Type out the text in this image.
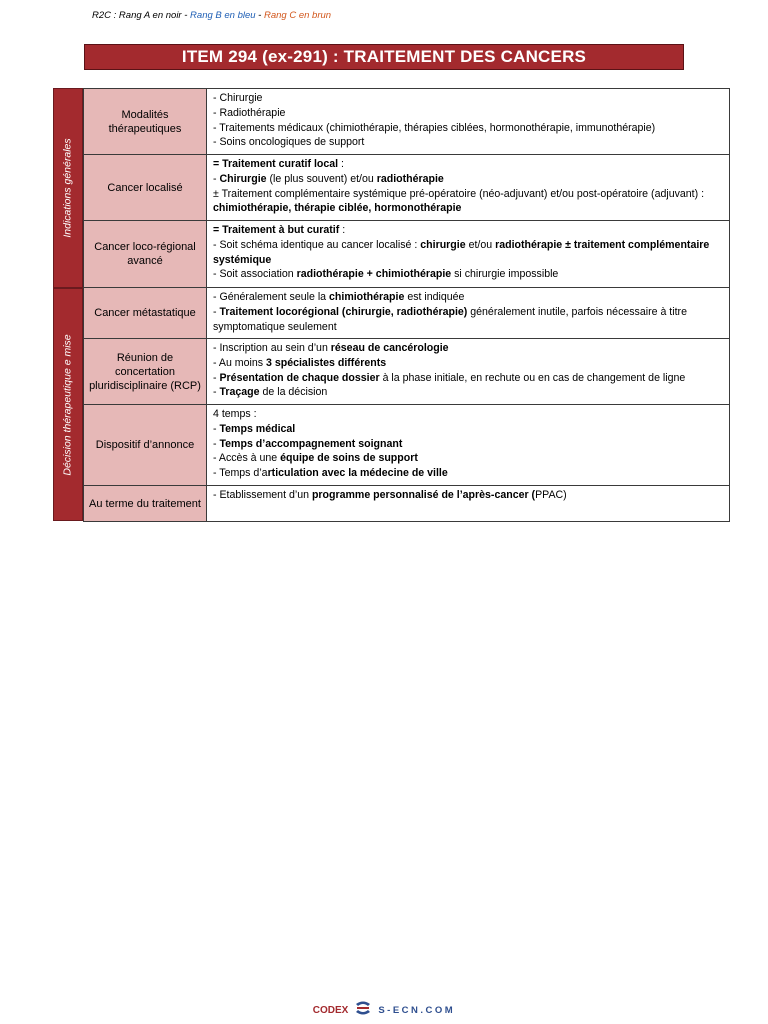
R2C : Rang A en noir - Rang B en bleu - Rang C en brun
ITEM 294 (ex-291) : TRAITEMENT DES CANCERS
Indications générales
Décision thérapeutique e mise
Modalités thérapeutiques	- Chirurgie
- Radiothérapie
- Traitements médicaux (chimiothérapie, thérapies ciblées, hormonothérapie, immunothérapie)
- Soins oncologiques de support

Cancer localisé	= Traitement curatif local :
- Chirurgie (le plus souvent) et/ou radiothérapie
± Traitement complémentaire systémique pré-opératoire (néo-adjuvant) et/ou post-opératoire (adjuvant) : chimiothérapie, thérapie ciblée, hormonothérapie

Cancer loco-régional avancé	= Traitement à but curatif :
- Soit schéma identique au cancer localisé : chirurgie et/ou radiothérapie ± traitement complémentaire systémique
- Soit association radiothérapie + chimiothérapie si chirurgie impossible

Cancer métastatique	- Généralement seule la chimiothérapie est indiquée
- Traitement locorégional (chirurgie, radiothérapie) généralement inutile, parfois nécessaire à titre symptomatique seulement

Réunion de concertation pluridisciplinaire (RCP)	- Inscription au sein d’un réseau de cancérologie
- Au moins 3 spécialistes différents
- Présentation de chaque dossier à la phase initiale, en rechute ou en cas de changement de ligne
- Traçage de la décision

Dispositif d’annonce	4 temps :
- Temps médical
- Temps d’accompagnement soignant
- Accès à une équipe de soins de support
- Temps d’articulation avec la médecine de ville

Au terme du traitement	- Etablissement d’un programme personnalisé de l’après-cancer (PPAC)
CODEX	S-ECN.COM
